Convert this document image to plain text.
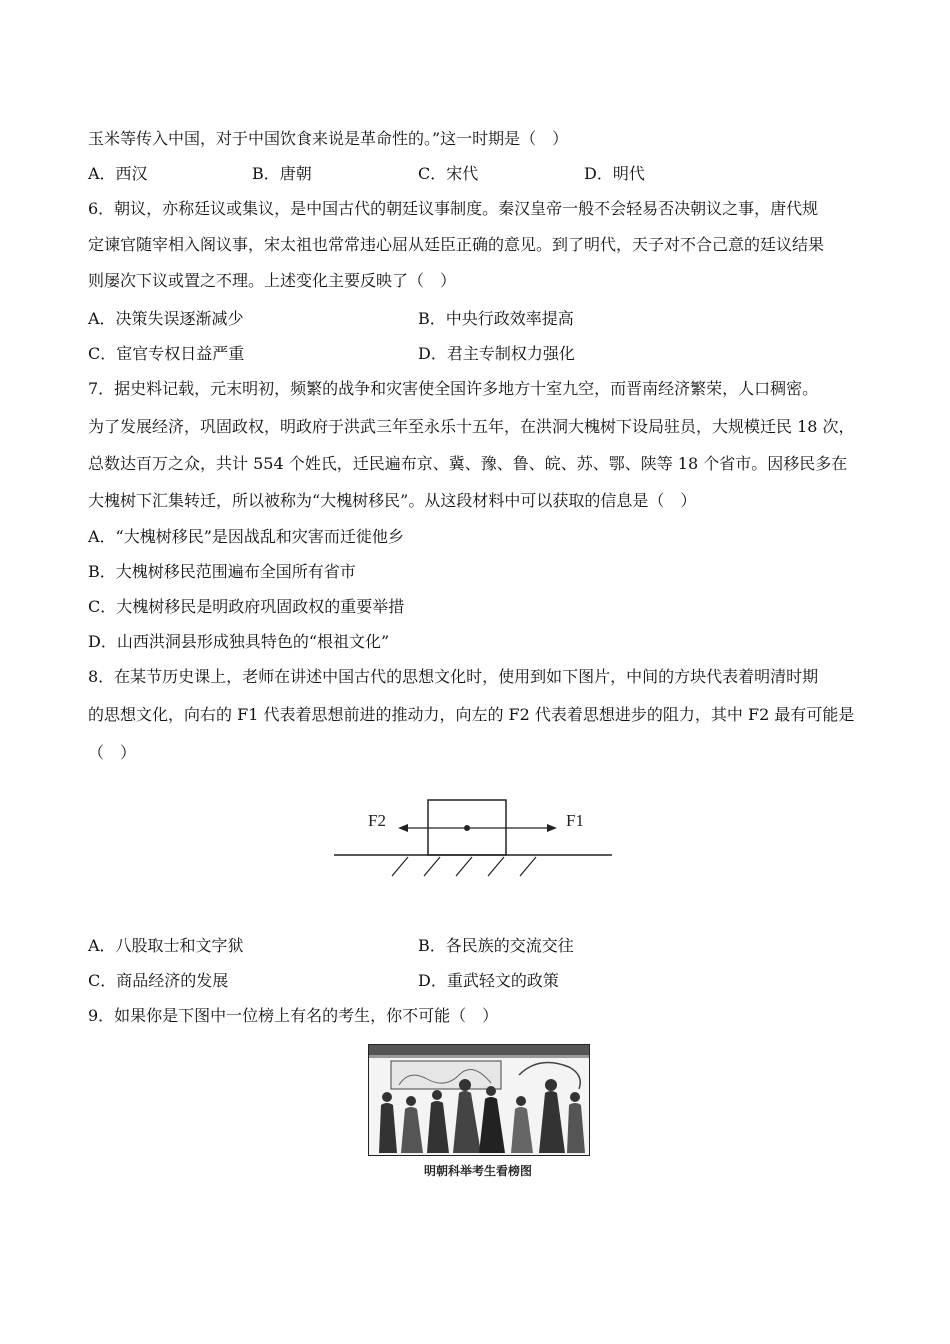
玉米等传入中国，对于中国饮食来说是革命性的。”这一时期是（　）
A．西汉	B．唐朝	C．宋代	D．明代
6．朝议，亦称廷议或集议，是中国古代的朝廷议事制度。秦汉皇帝一般不会轻易否决朝议之事，唐代规
定谏官随宰相入阁议事，宋太祖也常常违心屈从廷臣正确的意见。到了明代，天子对不合己意的廷议结果
则屡次下议或置之不理。上述变化主要反映了（　）
A．决策失误逐渐减少	B．中央行政效率提高
C．宦官专权日益严重	D．君主专制权力强化
7．据史料记载，元末明初，频繁的战争和灾害使全国许多地方十室九空，而晋南经济繁荣，人口稠密。
为了发展经济，巩固政权，明政府于洪武三年至永乐十五年，在洪洞大槐树下设局驻员，大规模迁民 18 次，
总数达百万之众，共计 554 个姓氏，迁民遍布京、冀、豫、鲁、皖、苏、鄂、陕等 18 个省市。因移民多在
大槐树下汇集转迁，所以被称为“大槐树移民”。从这段材料中可以获取的信息是（　）
A．“大槐树移民”是因战乱和灾害而迁徙他乡
B．大槐树移民范围遍布全国所有省市
C．大槐树移民是明政府巩固政权的重要举措
D．山西洪洞县形成独具特色的“根祖文化”
8．在某节历史课上，老师在讲述中国古代的思想文化时，使用到如下图片，中间的方块代表着明清时期
的思想文化，向右的 F1 代表着思想前进的推动力，向左的 F2 代表着思想进步的阻力，其中 F2 最有可能是
（　）
F2	F1
A．八股取士和文字狱	B．各民族的交流交往
C．商品经济的发展	D．重武轻文的政策
9．如果你是下图中一位榜上有名的考生，你不可能（　）
明朝科举考生看榜图
